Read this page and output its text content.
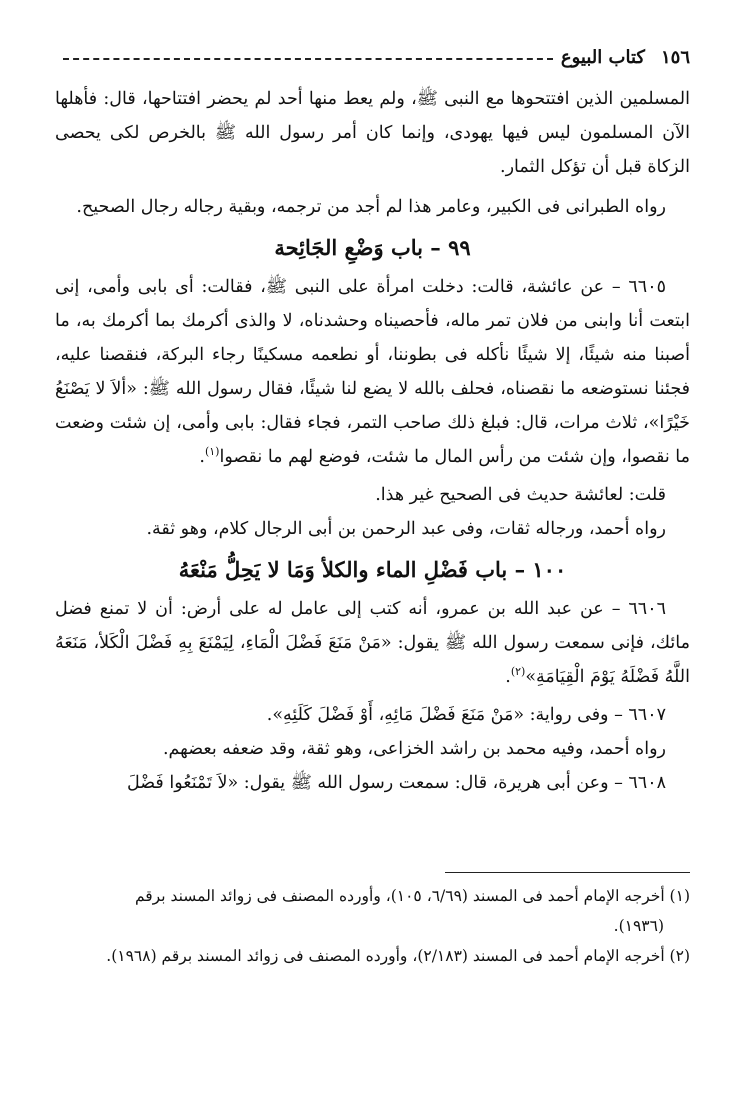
١٥٦
كتاب البيوع

المسلمين الذين افتتحوها مع النبى ﷺ، ولم يعط منها أحد لم يحضر افتتاحها، قال: فأهلها الآن المسلمون ليس فيها يهودى، وإنما كان أمر رسول الله ﷺ بالخرص لكى يحصى الزكاة قبل أن تؤكل الثمار.

رواه الطبرانى فى الكبير، وعامر هذا لم أجد من ترجمه، وبقية رجاله رجال الصحيح.

٩٩ – باب وَضْعِ الجَائِحة

٦٦٠٥ – عن عائشة، قالت: دخلت امرأة على النبى ﷺ، فقالت: أى بابى وأمى، إنى ابتعت أنا وابنى من فلان تمر ماله، فأحصيناه وحشدناه، لا والذى أكرمك بما أكرمك به، ما أصبنا منه شيئًا، إلا شيئًا نأكله فى بطوننا، أو نطعمه مسكينًا رجاء البركة، فنقصنا عليه، فجئنا نستوضعه ما نقصناه، فحلف بالله لا يضع لنا شيئًا، فقال رسول الله ﷺ: «ألاَ لا يَصْنَعُ خَيْرًا»، ثلاث مرات، قال: فبلغ ذلك صاحب التمر، فجاء فقال: بابى وأمى، إن شئت وضعت ما نقصوا، وإن شئت من رأس المال ما شئت، فوضع لهم ما نقصوا$^{(١)}$.

قلت: لعائشة حديث فى الصحيح غير هذا.

رواه أحمد، ورجاله ثقات، وفى عبد الرحمن بن أبى الرجال كلام، وهو ثقة.

١٠٠ – باب فَضْلِ الماء والكلأ وَمَا لا يَحِلُّ مَنْعَهُ

٦٦٠٦ – عن عبد الله بن عمرو، أنه كتب إلى عامل له على أرض: أن لا تمنع فضل مائك، فإنى سمعت رسول الله ﷺ يقول: «مَنْ مَنَعَ فَضْلَ الْمَاءِ، لِيَمْنَعَ بِهِ فَضْلَ الْكَلأ، مَنَعَهُ اللَّهُ فَضْلَهُ يَوْمَ الْقِيَامَةِ»$^{(٢)}$.

٦٦٠٧ – وفى رواية: «مَنْ مَنَعَ فَضْلَ مَائِهِ، أَوْ فَضْلَ كَلَئِهِ».

رواه أحمد، وفيه محمد بن راشد الخزاعى، وهو ثقة، وقد ضعفه بعضهم.

٦٦٠٨ – وعن أبى هريرة، قال: سمعت رسول الله ﷺ يقول: «لاَ تَمْنَعُوا فَضْلَ

(١) أخرجه الإمام أحمد فى المسند (٦/٦٩، ١٠٥)، وأورده المصنف فى زوائد المسند برقم

(١٩٣٦).

(٢) أخرجه الإمام أحمد فى المسند (٢/١٨٣)، وأورده المصنف فى زوائد المسند برقم (١٩٦٨).
